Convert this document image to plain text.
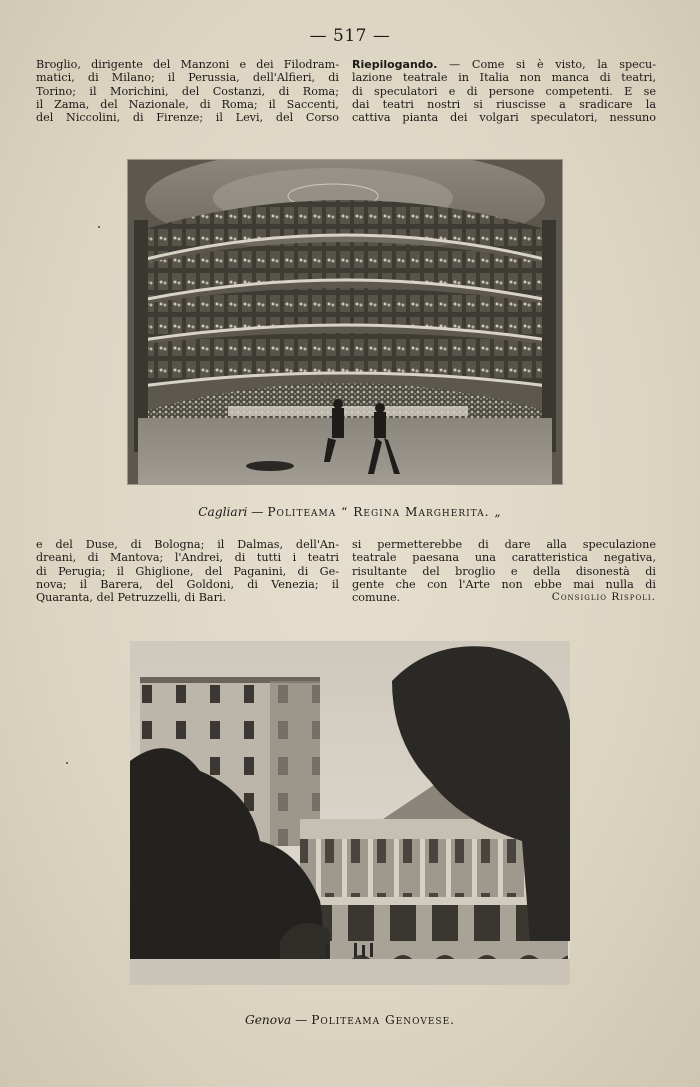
— 517 —

Broglio, dirigente del Manzoni e dei Filodram-

matici, di Milano; il Perussia, dell'Alfieri, di

Torino; il Morichini, del Costanzi, di Roma;

il Zama, del Nazionale, di Roma; il Saccenti,

del Niccolini, di Firenze; il Levi, del Corso

Riepilogando. — Come si è visto, la specu-

lazione teatrale in Italia non manca di teatri,

di speculatori e di persone competenti. E se

dai teatri nostri si riuscisse a sradicare la

cattiva pianta dei volgari speculatori, nessuno

Cagliari — Politeama “ Regina Margherita. „

e del Duse, di Bologna; il Dalmas, dell'An-

dreani, di Mantova; l'Andrei, di tutti i teatri

di Perugia; il Ghiglione, del Paganini, di Ge-

nova; il Barera, del Goldoni, di Venezia; il

Quaranta, del Petruzzelli, di Bari.

si permetterebbe di dare alla speculazione

teatrale paesana una caratteristica negativa,

risultante del broglio e della disonestà di

gente che con l'Arte non ebbe mai nulla di

comune.	Consiglio Rispoli.

Genova — Politeama Genovese.
